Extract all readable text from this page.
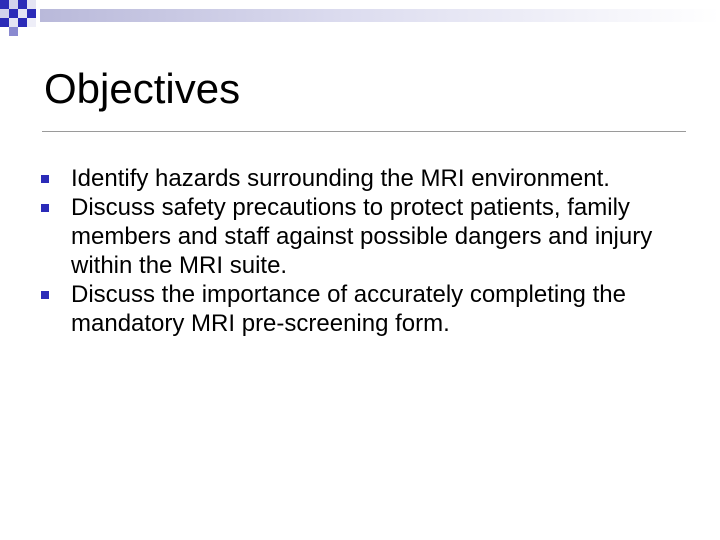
Objectives
Identify hazards surrounding the MRI environment.
Discuss safety precautions to protect patients, family members and staff against possible dangers and injury within the MRI suite.
Discuss the importance of accurately completing the mandatory MRI pre-screening form.
